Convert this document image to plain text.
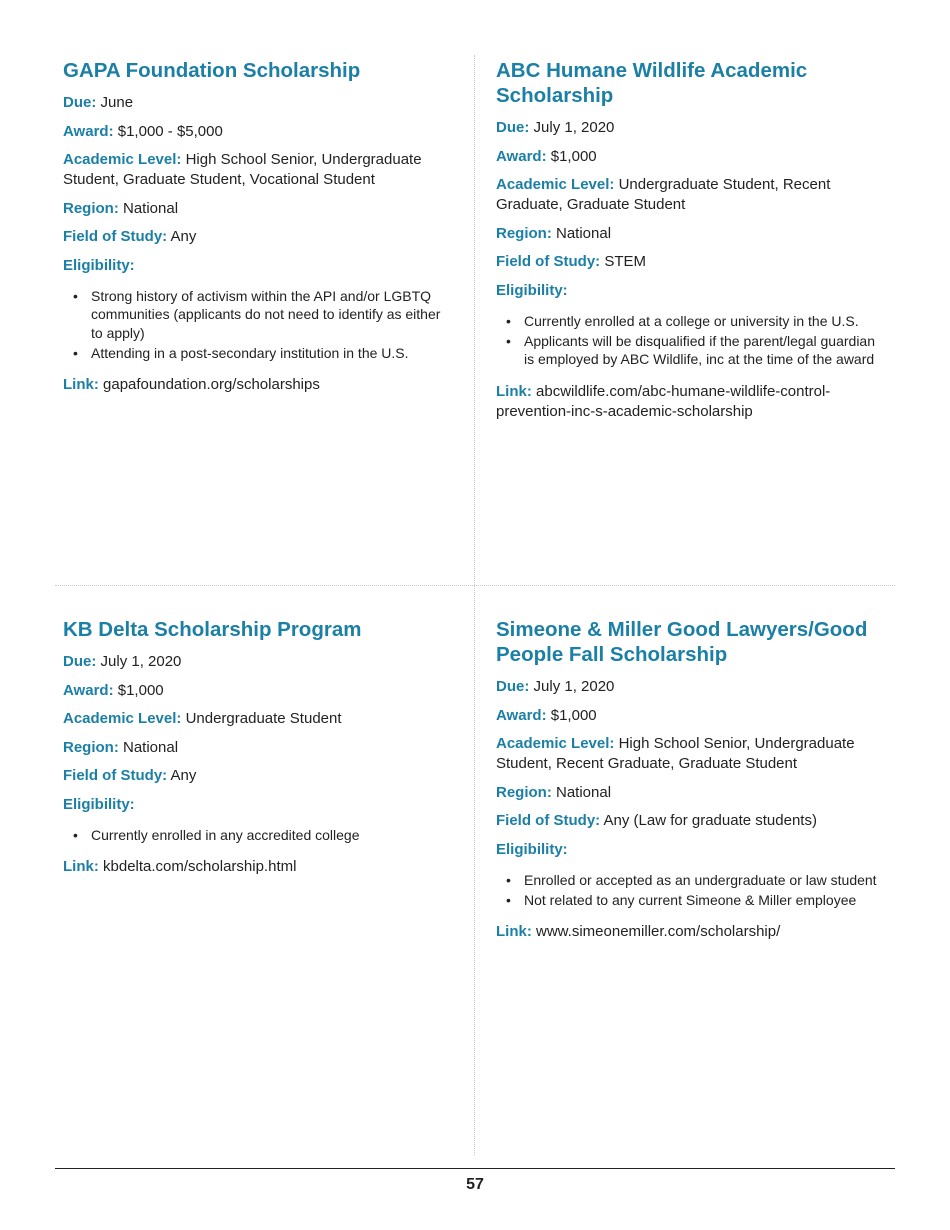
GAPA Foundation Scholarship

Due: June

Award: $1,000 - $5,000

Academic Level: High School Senior, Undergraduate Student, Graduate Student, Vocational Student

Region: National

Field of Study: Any

Eligibility:

• Strong history of activism within the API and/or LGBTQ communities (applicants do not need to identify as either to apply)
• Attending in a post-secondary institution in the U.S.

Link: gapafoundation.org/scholarships

ABC Humane Wildlife Academic Scholarship

Due: July 1, 2020

Award: $1,000

Academic Level: Undergraduate Student, Recent Graduate, Graduate Student

Region: National

Field of Study: STEM

Eligibility:

• Currently enrolled at a college or university in the U.S.
• Applicants will be disqualified if the parent/legal guardian is employed by ABC Wildlife, inc at the time of the award

Link: abcwildlife.com/abc-humane-wildlife-control-prevention-inc-s-academic-scholarship

KB Delta Scholarship Program

Due: July 1, 2020

Award: $1,000

Academic Level: Undergraduate Student

Region: National

Field of Study: Any

Eligibility:

• Currently enrolled in any accredited college

Link: kbdelta.com/scholarship.html

Simeone & Miller Good Lawyers/Good People Fall Scholarship

Due: July 1, 2020

Award: $1,000

Academic Level: High School Senior, Undergraduate Student, Recent Graduate, Graduate Student

Region: National

Field of Study: Any (Law for graduate students)

Eligibility:

• Enrolled or accepted as an undergraduate or law student
• Not related to any current Simeone & Miller employee

Link: www.simeonemiller.com/scholarship/

57
